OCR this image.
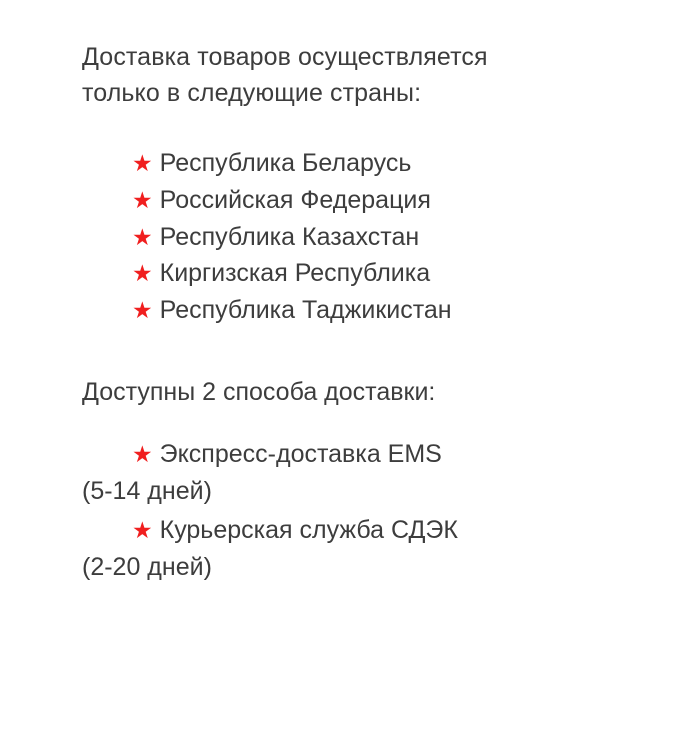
Доставка товаров осуществляется только в следующие страны:

★ Республика Беларусь
★ Российская Федерация
★ Республика Казахстан
★ Киргизская Республика
★ Республика Таджикистан

Доступны 2 способа доставки:

★ Экспресс-доставка EMS
(5-14 дней)
★ Курьерская служба СДЭК
(2-20 дней)
